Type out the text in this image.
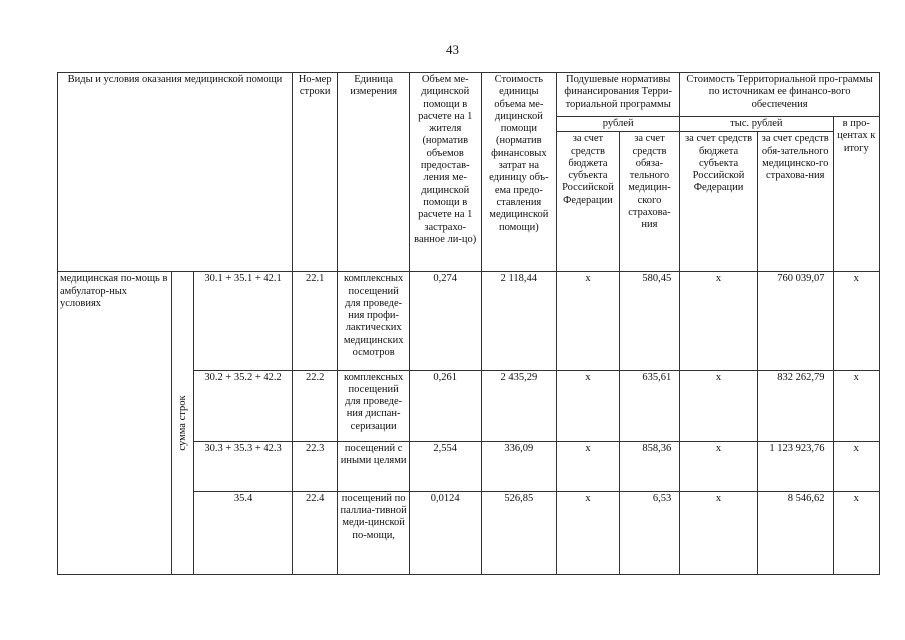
43
Виды и условия оказания медицинской помощи			Но-мер строки	Единица измерения	Объем ме-дицинской помощи в расчете на 1 жителя (норматив объемов предостав-ления ме-дицинской помощи в расчете на 1 застрахо-ванное ли-цо)	Стоимость единицы объема ме-дицинской помощи (норматив финансовых затрат на единицу объ-ема предо-ставления медицинской помощи)	Подушевые нормативы финансирования Терри-ториальной программы		Стоимость Территориальной про-граммы по источникам ее финансо-вого обеспечения		
							рублей		тыс. рублей		в про-центах к итогу
							за счет средств бюджета субъекта Российской Федерации	за счет средств обяза-тельного медицин-ского страхова-ния	за счет средств бюджета субъекта Российской Федерации	за счет средств обя-зательного медицинско-го страхова-ния	
медицинская по-мощь в амбулатор-ных условиях	сумма строк	30.1 + 35.1 + 42.1	22.1	комплексных посещений для проведе-ния профи-лактических медицинских осмотров	0,274	2 118,44	х	580,45	х	760 039,07	х
		30.2 + 35.2 + 42.2	22.2	комплексных посещений для проведе-ния диспан-серизации	0,261	2 435,29	х	635,61	х	832 262,79	х
		30.3 + 35.3 + 42.3	22.3	посещений с иными целями	2,554	336,09	х	858,36	х	1 123 923,76	х
		35.4	22.4	посещений по паллиа-тивной меди-цинской по-мощи,	0,0124	526,85	х	6,53	х	8 546,62	х
